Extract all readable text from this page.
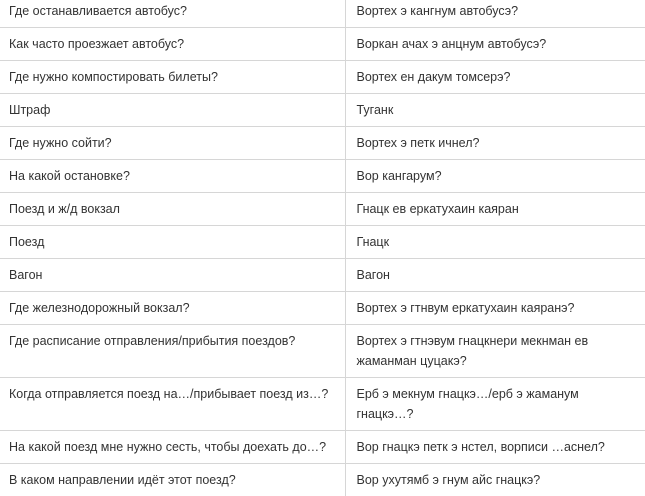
Где останавливается автобус?	Вортех э кангнум автобусэ?
Как часто проезжает автобус?	Воркан ачах э анцнум автобусэ?
Где нужно компостировать билеты?	Вортех ен дакум томсерэ?
Штраф	Туганк
Где нужно сойти?	Вортех э петк ичнел?
На какой остановке?	Вор кангарум?
Поезд и ж/д вокзал	Гнацк ев еркатухаин каяран
Поезд	Гнацк
Вагон	Вагон
Где железнодорожный вокзал?	Вортех э гтнвум еркатухаин каяранэ?
Где расписание отправления/прибытия поездов?	Вортех э гтнэвум гнацкнери мекнман ев жаманман цуцакэ?
Когда отправляется поезд на…/прибывает поезд из…?	Ерб э мекнум гнацкэ…/ерб э жаманум гнацкэ…?
На какой поезд мне нужно сесть, чтобы доехать до…?	Вор гнацкэ петк э нстел, ворписи …аснел?
В каком направлении идёт этот поезд?	Вор ухутямб э гнум айс гнацкэ?
